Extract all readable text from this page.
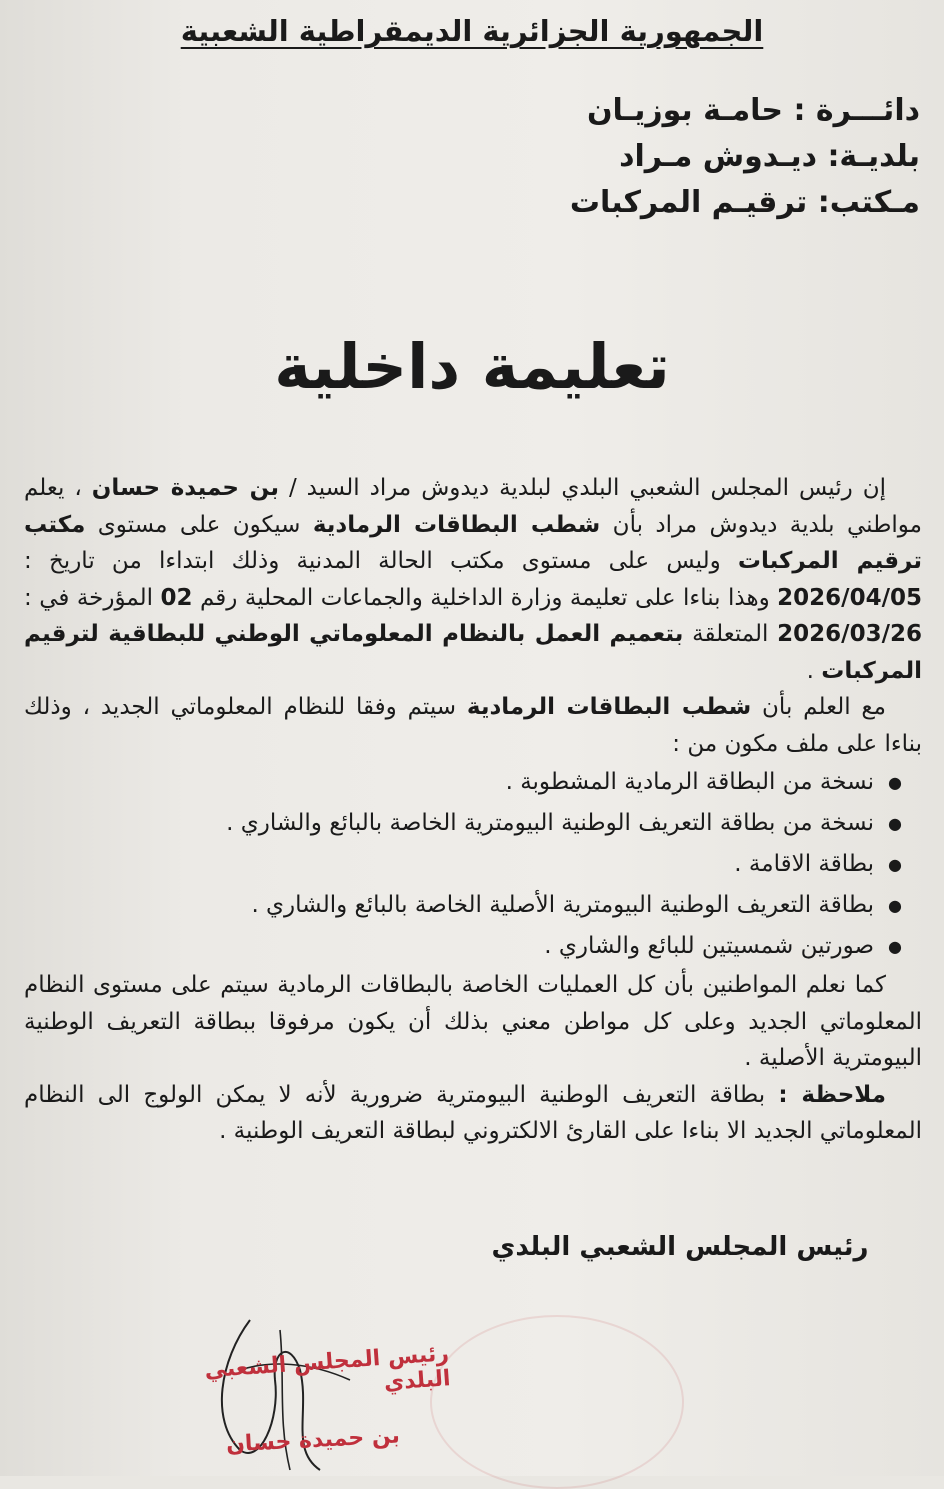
الجمهورية الجزائرية الديمقراطية الشعبية
دائـــرة : حامـة بوزيـان
بلديـة: ديـدوش مـراد
مـكتب: ترقيـم المركبات
تعليمة داخلية

إن رئيس المجلس الشعبي البلدي لبلدية ديدوش مراد السيد / بن حميدة حسان ، يعلم مواطني بلدية ديدوش مراد بأن شطب البطاقات الرمادية سيكون على مستوى مكتب ترقيم المركبات وليس على مستوى مكتب الحالة المدنية وذلك ابتداءا من تاريخ : 2026/04/05 وهذا بناءا على تعليمة وزارة الداخلية والجماعات المحلية رقم 02 المؤرخة في : 2026/03/26 المتعلقة بتعميم العمل بالنظام المعلوماتي الوطني للبطاقية لترقيم المركبات .

مع العلم بأن شطب البطاقات الرمادية سيتم وفقا للنظام المعلوماتي الجديد ، وذلك بناءا على ملف مكون من :

● نسخة من البطاقة الرمادية المشطوبة .
● نسخة من بطاقة التعريف الوطنية البيومترية الخاصة بالبائع والشاري .
● بطاقة الاقامة .
● بطاقة التعريف الوطنية البيومترية الأصلية الخاصة بالبائع والشاري .
● صورتين شمسيتين للبائع والشاري .

كما نعلم المواطنين بأن كل العمليات الخاصة بالبطاقات الرمادية سيتم على مستوى النظام المعلوماتي الجديد وعلى كل مواطن معني بذلك أن يكون مرفوقا ببطاقة التعريف الوطنية البيومترية الأصلية .

ملاحظة : بطاقة التعريف الوطنية البيومترية ضرورية لأنه لا يمكن الولوج الى النظام المعلوماتي الجديد الا بناءا على القارئ الالكتروني لبطاقة التعريف الوطنية .

رئيس المجلس الشعبي البلدي
رئيس المجلس الشعبي البلدي
بن حميدة حسان
